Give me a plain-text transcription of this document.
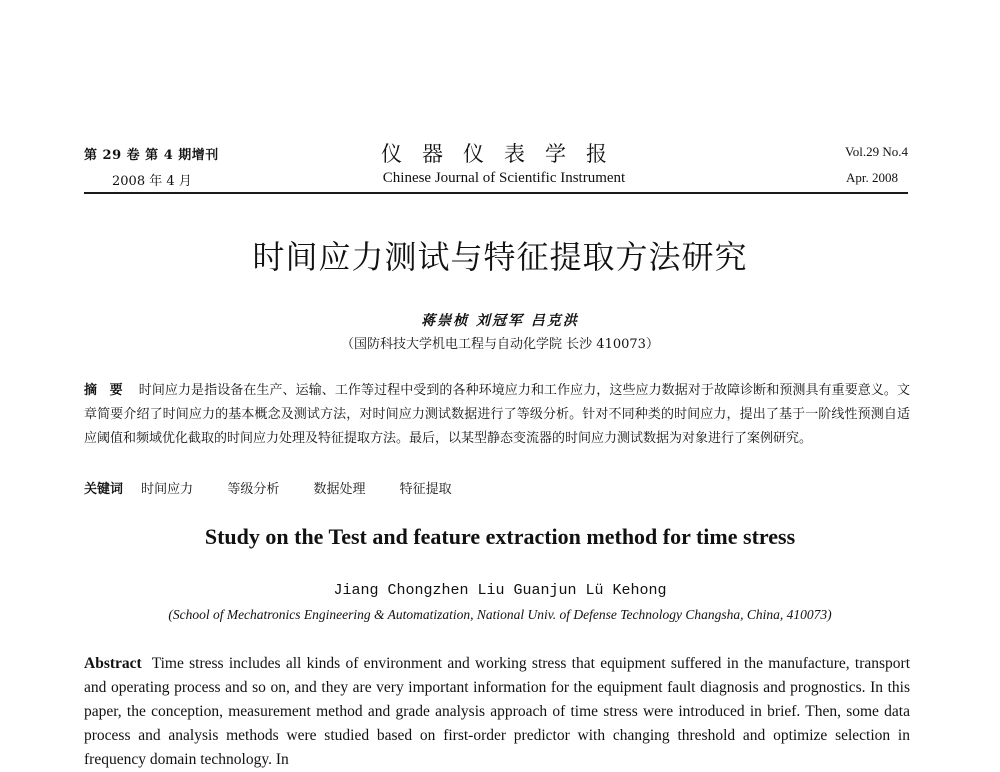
第 29 卷 第 4 期增刊
2008 年 4 月
仪器仪表学报
Chinese Journal of Scientific Instrument
Vol.29 No.4
Apr. 2008
时间应力测试与特征提取方法研究
蒋崇桢 刘冠军 吕克洪
（国防科技大学机电工程与自动化学院 长沙 410073）
摘 要 时间应力是指设备在生产、运输、工作等过程中受到的各种环境应力和工作应力，这些应力数据对于故障诊断和预测具有重要意义。文章简要介绍了时间应力的基本概念及测试方法，对时间应力测试数据进行了等级分析。针对不同种类的时间应力，提出了基于一阶线性预测自适应阈值和频域优化截取的时间应力处理及特征提取方法。最后，以某型静态变流器的时间应力测试数据为对象进行了案例研究。
关键词 时间应力	等级分析	数据处理	特征提取
Study on the Test and feature extraction method for time stress
Jiang Chongzhen Liu Guanjun Lü Kehong
(School of Mechatronics Engineering & Automatization, National Univ. of Defense Technology Changsha, China, 410073)
Abstract Time stress includes all kinds of environment and working stress that equipment suffered in the manufacture, transport and operating process and so on, and they are very important information for the equipment fault diagnosis and prognostics. In this paper, the conception, measurement method and grade analysis approach of time stress were introduced in brief. Then, some data process and analysis methods were studied based on first-order predictor with changing threshold and optimize selection in frequency domain technology. In
